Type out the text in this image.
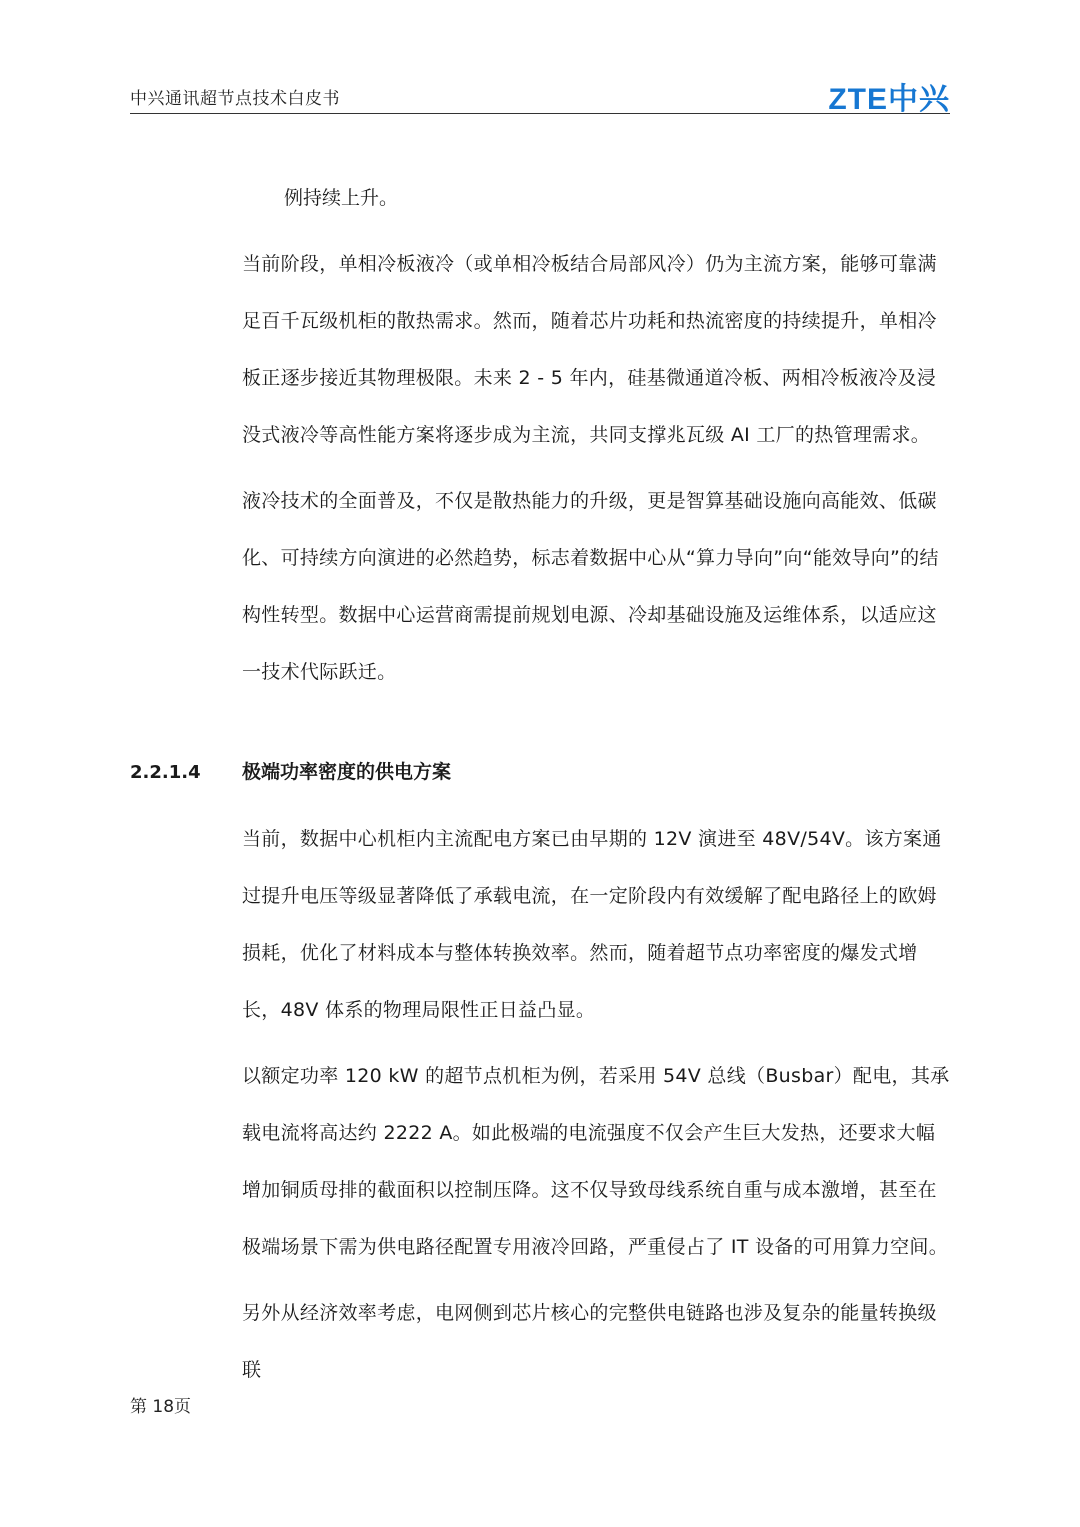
中兴通讯超节点技术白皮书	ZTE中兴

例持续上升。

当前阶段，单相冷板液冷（或单相冷板结合局部风冷）仍为主流方案，能够可靠满足百千瓦级机柜的散热需求。然而，随着芯片功耗和热流密度的持续提升，单相冷板正逐步接近其物理极限。未来 2 - 5 年内，硅基微通道冷板、两相冷板液冷及浸没式液冷等高性能方案将逐步成为主流，共同支撑兆瓦级 AI 工厂的热管理需求。

液冷技术的全面普及，不仅是散热能力的升级，更是智算基础设施向高能效、低碳化、可持续方向演进的必然趋势，标志着数据中心从“算力导向”向“能效导向”的结构性转型。数据中心运营商需提前规划电源、冷却基础设施及运维体系，以适应这一技术代际跃迁。

2.2.1.4 极端功率密度的供电方案

当前，数据中心机柜内主流配电方案已由早期的 12V 演进至 48V/54V。该方案通过提升电压等级显著降低了承载电流，在一定阶段内有效缓解了配电路径上的欧姆损耗，优化了材料成本与整体转换效率。然而，随着超节点功率密度的爆发式增长，48V 体系的物理局限性正日益凸显。

以额定功率 120 kW 的超节点机柜为例，若采用 54V 总线（Busbar）配电，其承载电流将高达约 2222 A。如此极端的电流强度不仅会产生巨大发热，还要求大幅增加铜质母排的截面积以控制压降。这不仅导致母线系统自重与成本激增，甚至在极端场景下需为供电路径配置专用液冷回路，严重侵占了 IT 设备的可用算力空间。

另外从经济效率考虑，电网侧到芯片核心的完整供电链路也涉及复杂的能量转换级联

第 18页
